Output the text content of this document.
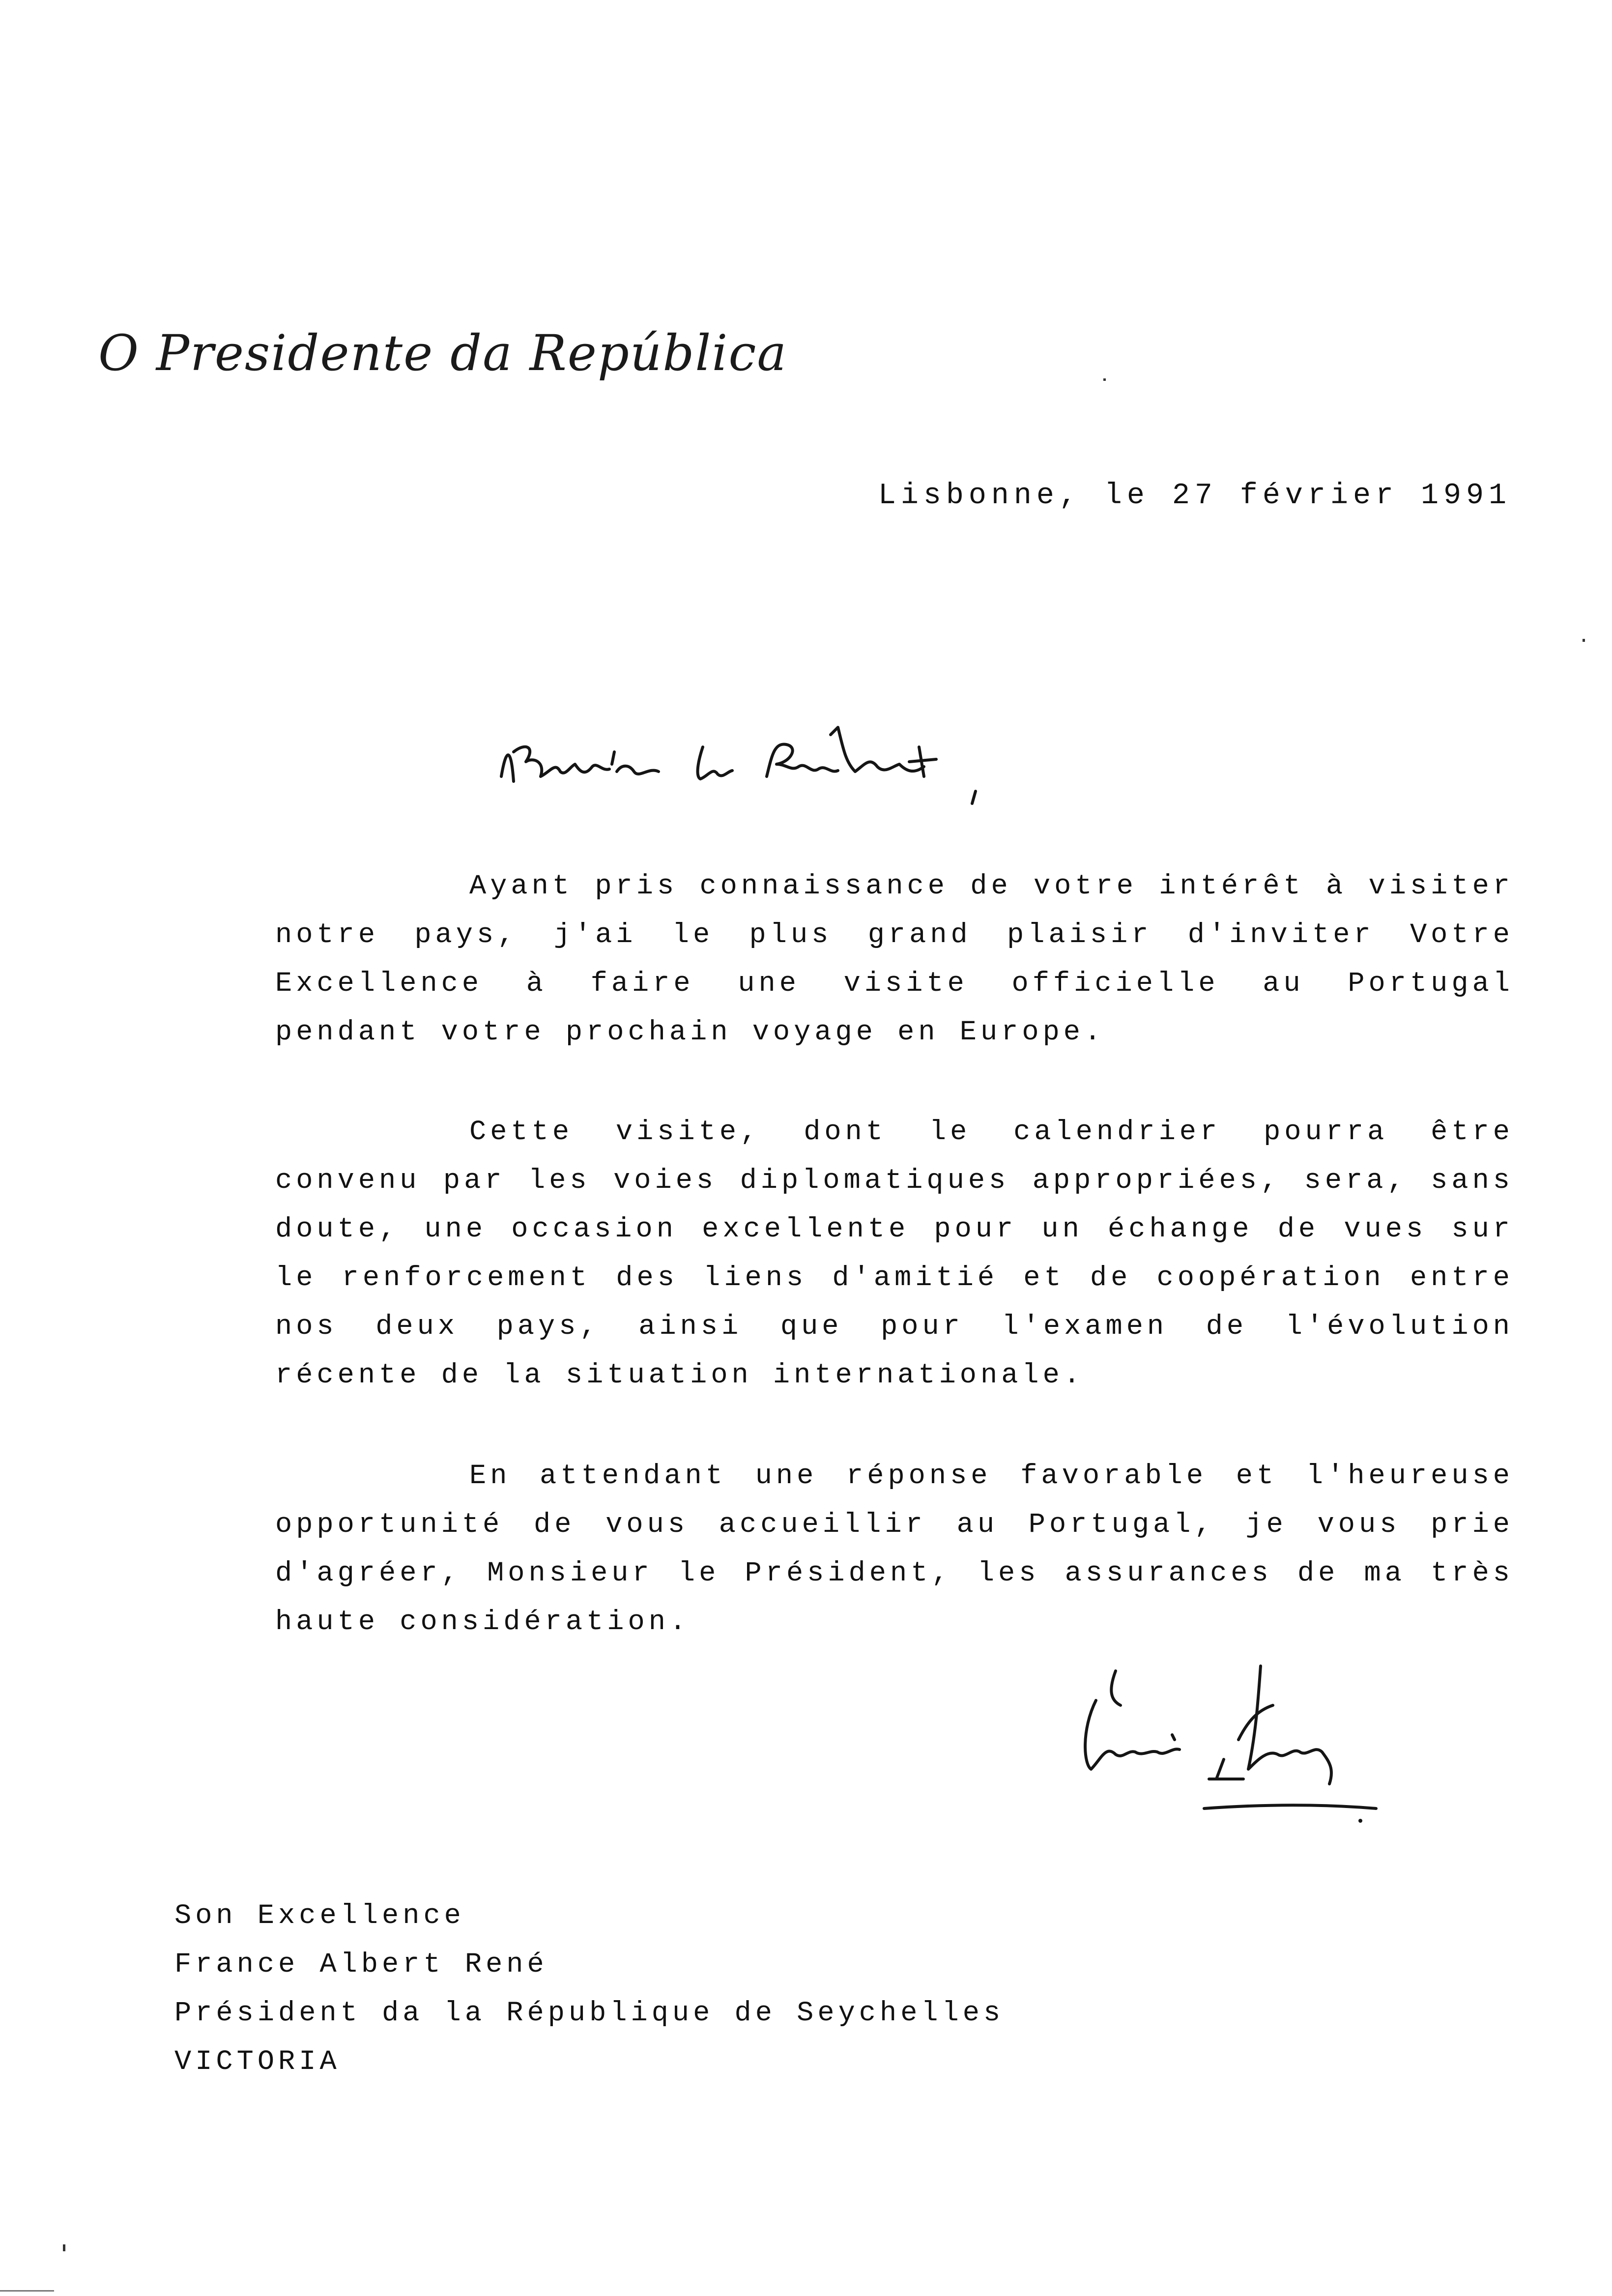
O Presidente da República
Lisbonne, le 27 février 1991

Ayant pris connaissance de votre intérêt à visiter notre pays, j'ai le plus grand plaisir d'inviter Votre Excellence à faire une visite officielle au Portugal pendant votre prochain voyage en Europe.

Cette visite, dont le calendrier pourra être convenu par les voies diplomatiques appropriées, sera, sans doute, une occasion excellente pour un échange de vues sur le renforcement des liens d'amitié et de coopération entre nos deux pays, ainsi que pour l'examen de l'évolution récente de la situation internationale.

En attendant une réponse favorable et l'heureuse opportunité de vous accueillir au Portugal, je vous prie d'agréer, Monsieur le Président, les assurances de ma très haute considération.

Son Excellence
France Albert René
Président da la République de Seychelles
VICTORIA
